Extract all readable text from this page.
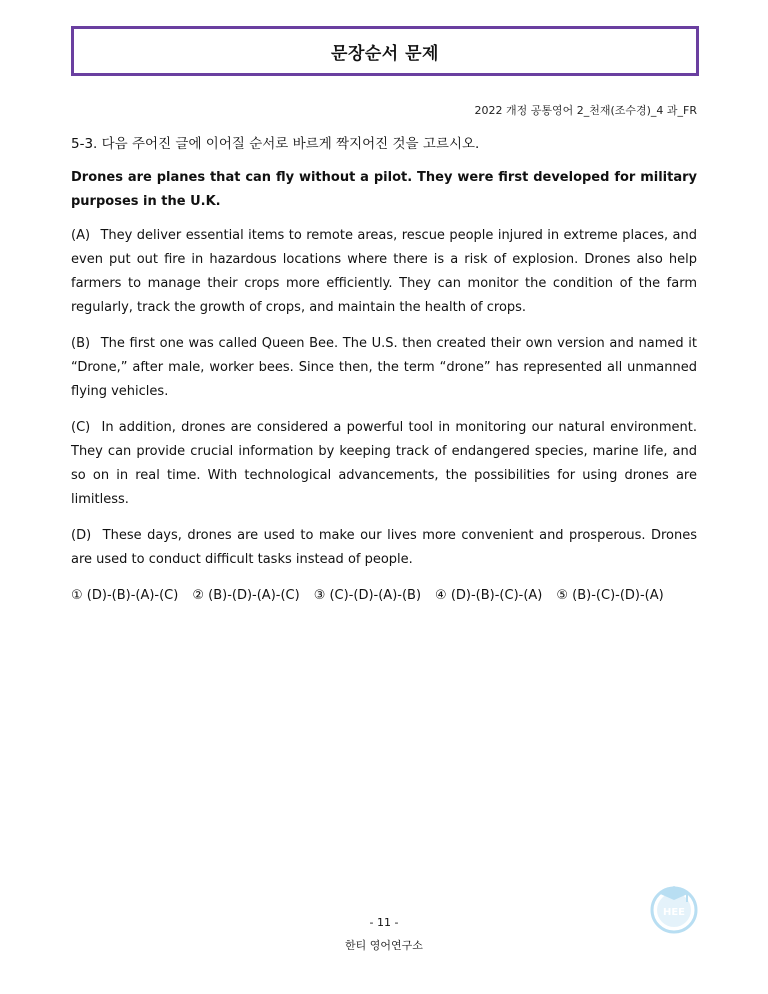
문장순서 문제
2022 개정 공통영어 2_천재(조수경)_4 과_FR

5-3. 다음 주어진 글에 이어질 순서로 바르게 짝지어진 것을 고르시오.

Drones are planes that can fly without a pilot. They were first developed for military purposes in the U.K.

(A) They deliver essential items to remote areas, rescue people injured in extreme places, and even put out fire in hazardous locations where there is a risk of explosion. Drones also help farmers to manage their crops more efficiently. They can monitor the condition of the farm regularly, track the growth of crops, and maintain the health of crops.

(B) The first one was called Queen Bee. The U.S. then created their own version and named it “Drone,” after male, worker bees. Since then, the term “drone” has represented all unmanned flying vehicles.

(C) In addition, drones are considered a powerful tool in monitoring our natural environment. They can provide crucial information by keeping track of endangered species, marine life, and so on in real time. With technological advancements, the possibilities for using drones are limitless.

(D) These days, drones are used to make our lives more convenient and prosperous. Drones are used to conduct difficult tasks instead of people.

① (D)-(B)-(A)-(C) ② (B)-(D)-(A)-(C) ③ (C)-(D)-(A)-(B) ④ (D)-(B)-(C)-(A) ⑤ (B)-(C)-(D)-(A)
HEE
- 11 -
한티 영어연구소
